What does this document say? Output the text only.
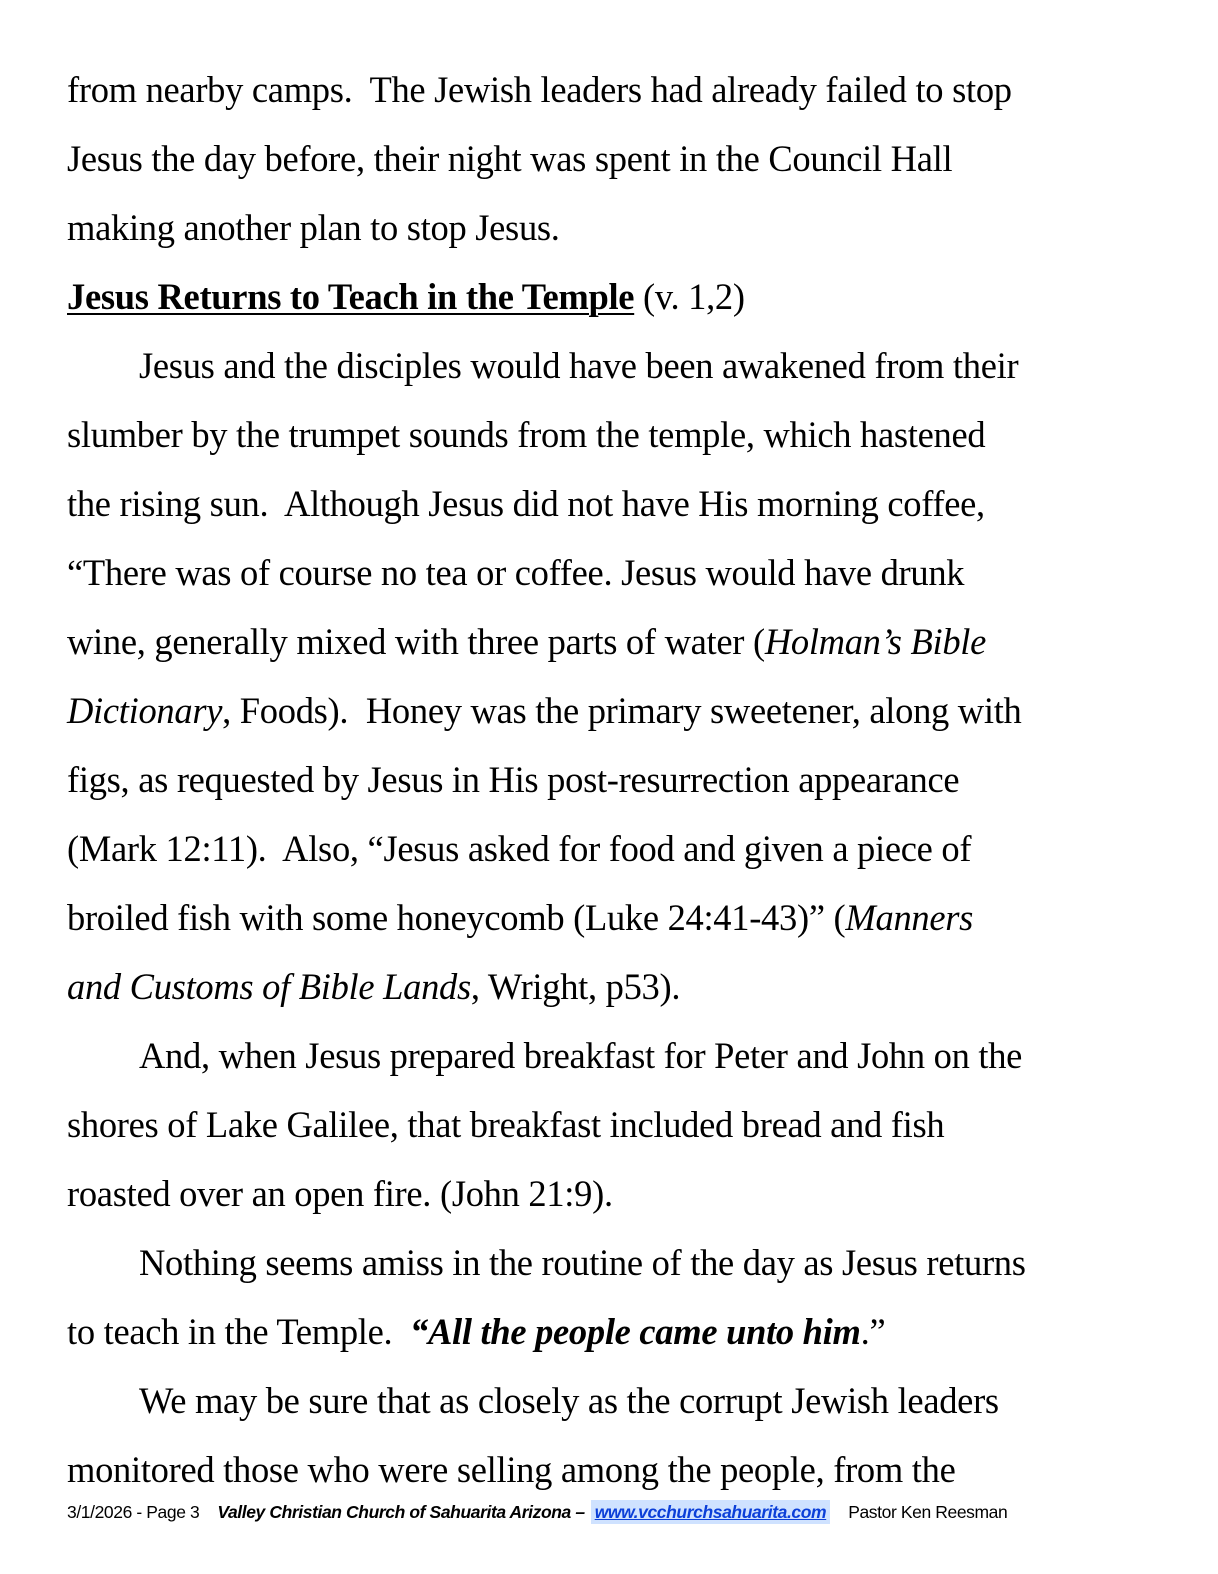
from nearby camps.  The Jewish leaders had already failed to stop
Jesus the day before, their night was spent in the Council Hall
making another plan to stop Jesus.
Jesus Returns to Teach in the Temple (v. 1,2)
Jesus and the disciples would have been awakened from their
slumber by the trumpet sounds from the temple, which hastened
the rising sun.  Although Jesus did not have His morning coffee,
“There was of course no tea or coffee. Jesus would have drunk
wine, generally mixed with three parts of water (Holman’s Bible
Dictionary, Foods).  Honey was the primary sweetener, along with
figs, as requested by Jesus in His post-resurrection appearance
(Mark 12:11).  Also, “Jesus asked for food and given a piece of
broiled fish with some honeycomb (Luke 24:41-43)” (Manners
and Customs of Bible Lands, Wright, p53).
And, when Jesus prepared breakfast for Peter and John on the
shores of Lake Galilee, that breakfast included bread and fish
roasted over an open fire. (John 21:9).
Nothing seems amiss in the routine of the day as Jesus returns
to teach in the Temple.  “All the people came unto him.”
We may be sure that as closely as the corrupt Jewish leaders
monitored those who were selling among the people, from the
3/1/2026 - Page 3 Valley Christian Church of Sahuarita Arizona – www.vcchurchsahuarita.com Pastor Ken Reesman
